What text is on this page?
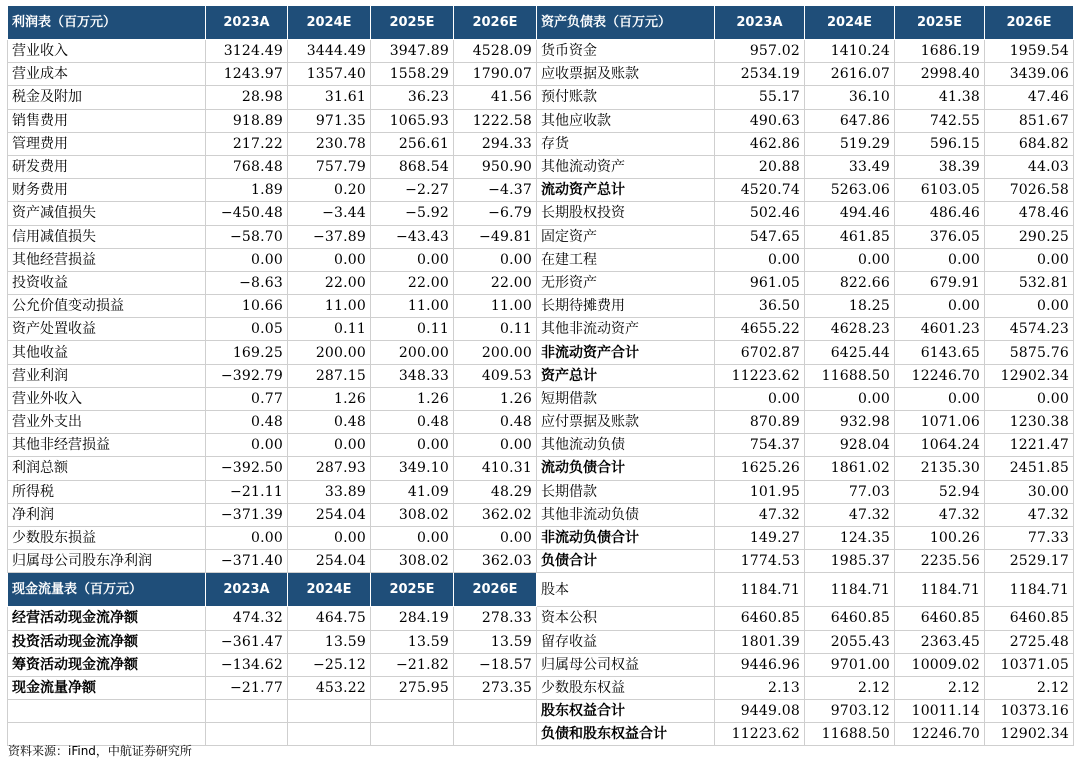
利润表（百万元）	2023A	2024E	2025E	2026E	资产负债表（百万元）	2023A	2024E	2025E	2026E
营业收入	3124.49	3444.49	3947.89	4528.09	货币资金	957.02	1410.24	1686.19	1959.54
营业成本	1243.97	1357.40	1558.29	1790.07	应收票据及账款	2534.19	2616.07	2998.40	3439.06
税金及附加	28.98	31.61	36.23	41.56	预付账款	55.17	36.10	41.38	47.46
销售费用	918.89	971.35	1065.93	1222.58	其他应收款	490.63	647.86	742.55	851.67
管理费用	217.22	230.78	256.61	294.33	存货	462.86	519.29	596.15	684.82
研发费用	768.48	757.79	868.54	950.90	其他流动资产	20.88	33.49	38.39	44.03
财务费用	1.89	0.20	−2.27	−4.37	流动资产总计	4520.74	5263.06	6103.05	7026.58
资产减值损失	−450.48	−3.44	−5.92	−6.79	长期股权投资	502.46	494.46	486.46	478.46
信用减值损失	−58.70	−37.89	−43.43	−49.81	固定资产	547.65	461.85	376.05	290.25
其他经营损益	0.00	0.00	0.00	0.00	在建工程	0.00	0.00	0.00	0.00
投资收益	−8.63	22.00	22.00	22.00	无形资产	961.05	822.66	679.91	532.81
公允价值变动损益	10.66	11.00	11.00	11.00	长期待摊费用	36.50	18.25	0.00	0.00
资产处置收益	0.05	0.11	0.11	0.11	其他非流动资产	4655.22	4628.23	4601.23	4574.23
其他收益	169.25	200.00	200.00	200.00	非流动资产合计	6702.87	6425.44	6143.65	5875.76
营业利润	−392.79	287.15	348.33	409.53	资产总计	11223.62	11688.50	12246.70	12902.34
营业外收入	0.77	1.26	1.26	1.26	短期借款	0.00	0.00	0.00	0.00
营业外支出	0.48	0.48	0.48	0.48	应付票据及账款	870.89	932.98	1071.06	1230.38
其他非经营损益	0.00	0.00	0.00	0.00	其他流动负债	754.37	928.04	1064.24	1221.47
利润总额	−392.50	287.93	349.10	410.31	流动负债合计	1625.26	1861.02	2135.30	2451.85
所得税	−21.11	33.89	41.09	48.29	长期借款	101.95	77.03	52.94	30.00
净利润	−371.39	254.04	308.02	362.02	其他非流动负债	47.32	47.32	47.32	47.32
少数股东损益	0.00	0.00	0.00	0.00	非流动负债合计	149.27	124.35	100.26	77.33
归属母公司股东净利润	−371.40	254.04	308.02	362.03	负债合计	1774.53	1985.37	2235.56	2529.17
现金流量表（百万元）	2023A	2024E	2025E	2026E	股本	1184.71	1184.71	1184.71	1184.71
经营活动现金流净额	474.32	464.75	284.19	278.33	资本公积	6460.85	6460.85	6460.85	6460.85
投资活动现金流净额	−361.47	13.59	13.59	13.59	留存收益	1801.39	2055.43	2363.45	2725.48
筹资活动现金流净额	−134.62	−25.12	−21.82	−18.57	归属母公司权益	9446.96	9701.00	10009.02	10371.05
现金流量净额	−21.77	453.22	275.95	273.35	少数股东权益	2.13	2.12	2.12	2.12
					股东权益合计	9449.08	9703.12	10011.14	10373.16
					负债和股东权益合计	11223.62	11688.50	12246.70	12902.34
资料来源：iFind，中航证券研究所
